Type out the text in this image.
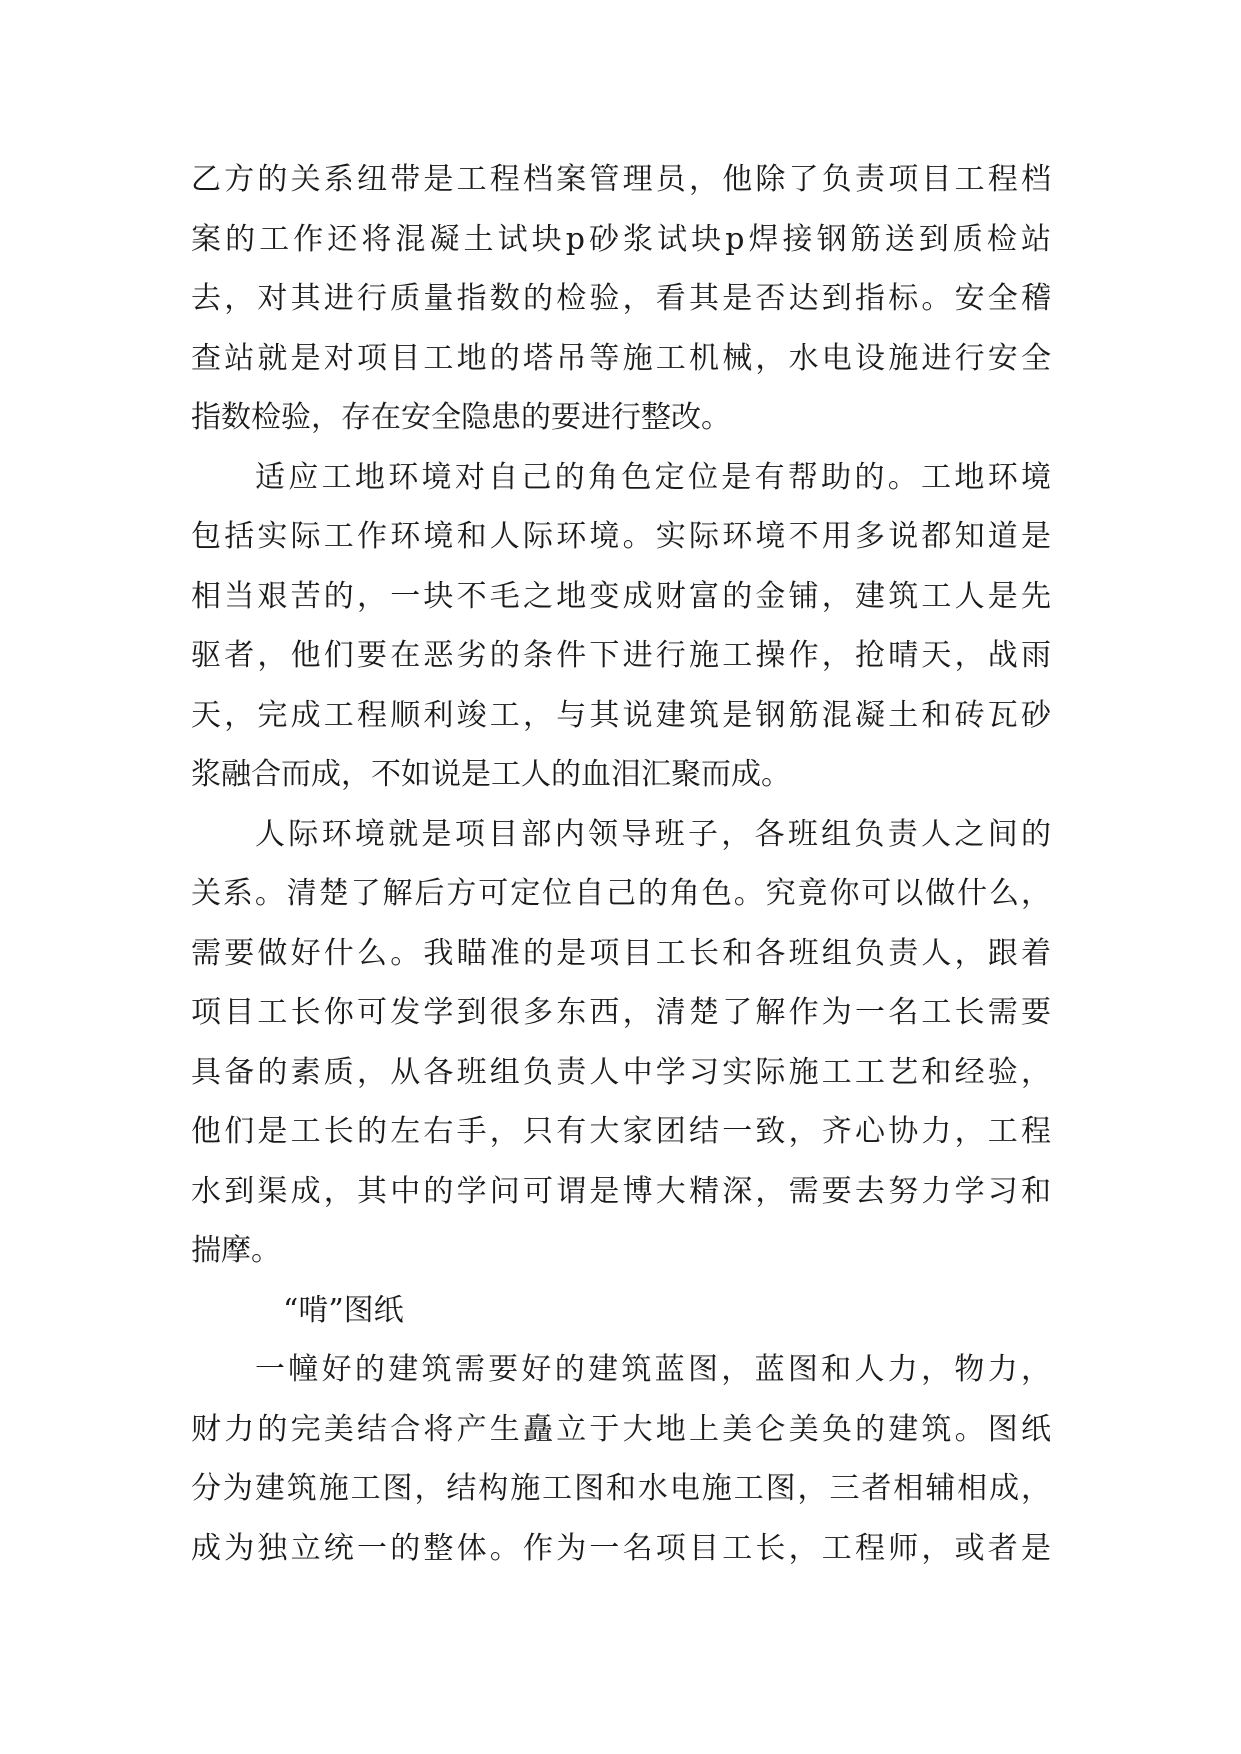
乙方的关系纽带是工程档案管理员，他除了负责项目工程档
案的工作还将混凝土试块p砂浆试块p焊接钢筋送到质检站
去，对其进行质量指数的检验，看其是否达到指标。安全稽
查站就是对项目工地的塔吊等施工机械，水电设施进行安全
指数检验，存在安全隐患的要进行整改。
适应工地环境对自己的角色定位是有帮助的。工地环境
包括实际工作环境和人际环境。实际环境不用多说都知道是
相当艰苦的，一块不毛之地变成财富的金铺，建筑工人是先
驱者，他们要在恶劣的条件下进行施工操作，抢晴天，战雨
天，完成工程顺利竣工，与其说建筑是钢筋混凝土和砖瓦砂
浆融合而成，不如说是工人的血泪汇聚而成。
人际环境就是项目部内领导班子，各班组负责人之间的
关系。清楚了解后方可定位自己的角色。究竟你可以做什么，
需要做好什么。我瞄准的是项目工长和各班组负责人，跟着
项目工长你可发学到很多东西，清楚了解作为一名工长需要
具备的素质，从各班组负责人中学习实际施工工艺和经验，
他们是工长的左右手，只有大家团结一致，齐心协力，工程
水到渠成，其中的学问可谓是博大精深，需要去努力学习和
揣摩。
“啃”图纸
一幢好的建筑需要好的建筑蓝图，蓝图和人力，物力，
财力的完美结合将产生矗立于大地上美仑美奂的建筑。图纸
分为建筑施工图，结构施工图和水电施工图，三者相辅相成，
成为独立统一的整体。作为一名项目工长，工程师，或者是
